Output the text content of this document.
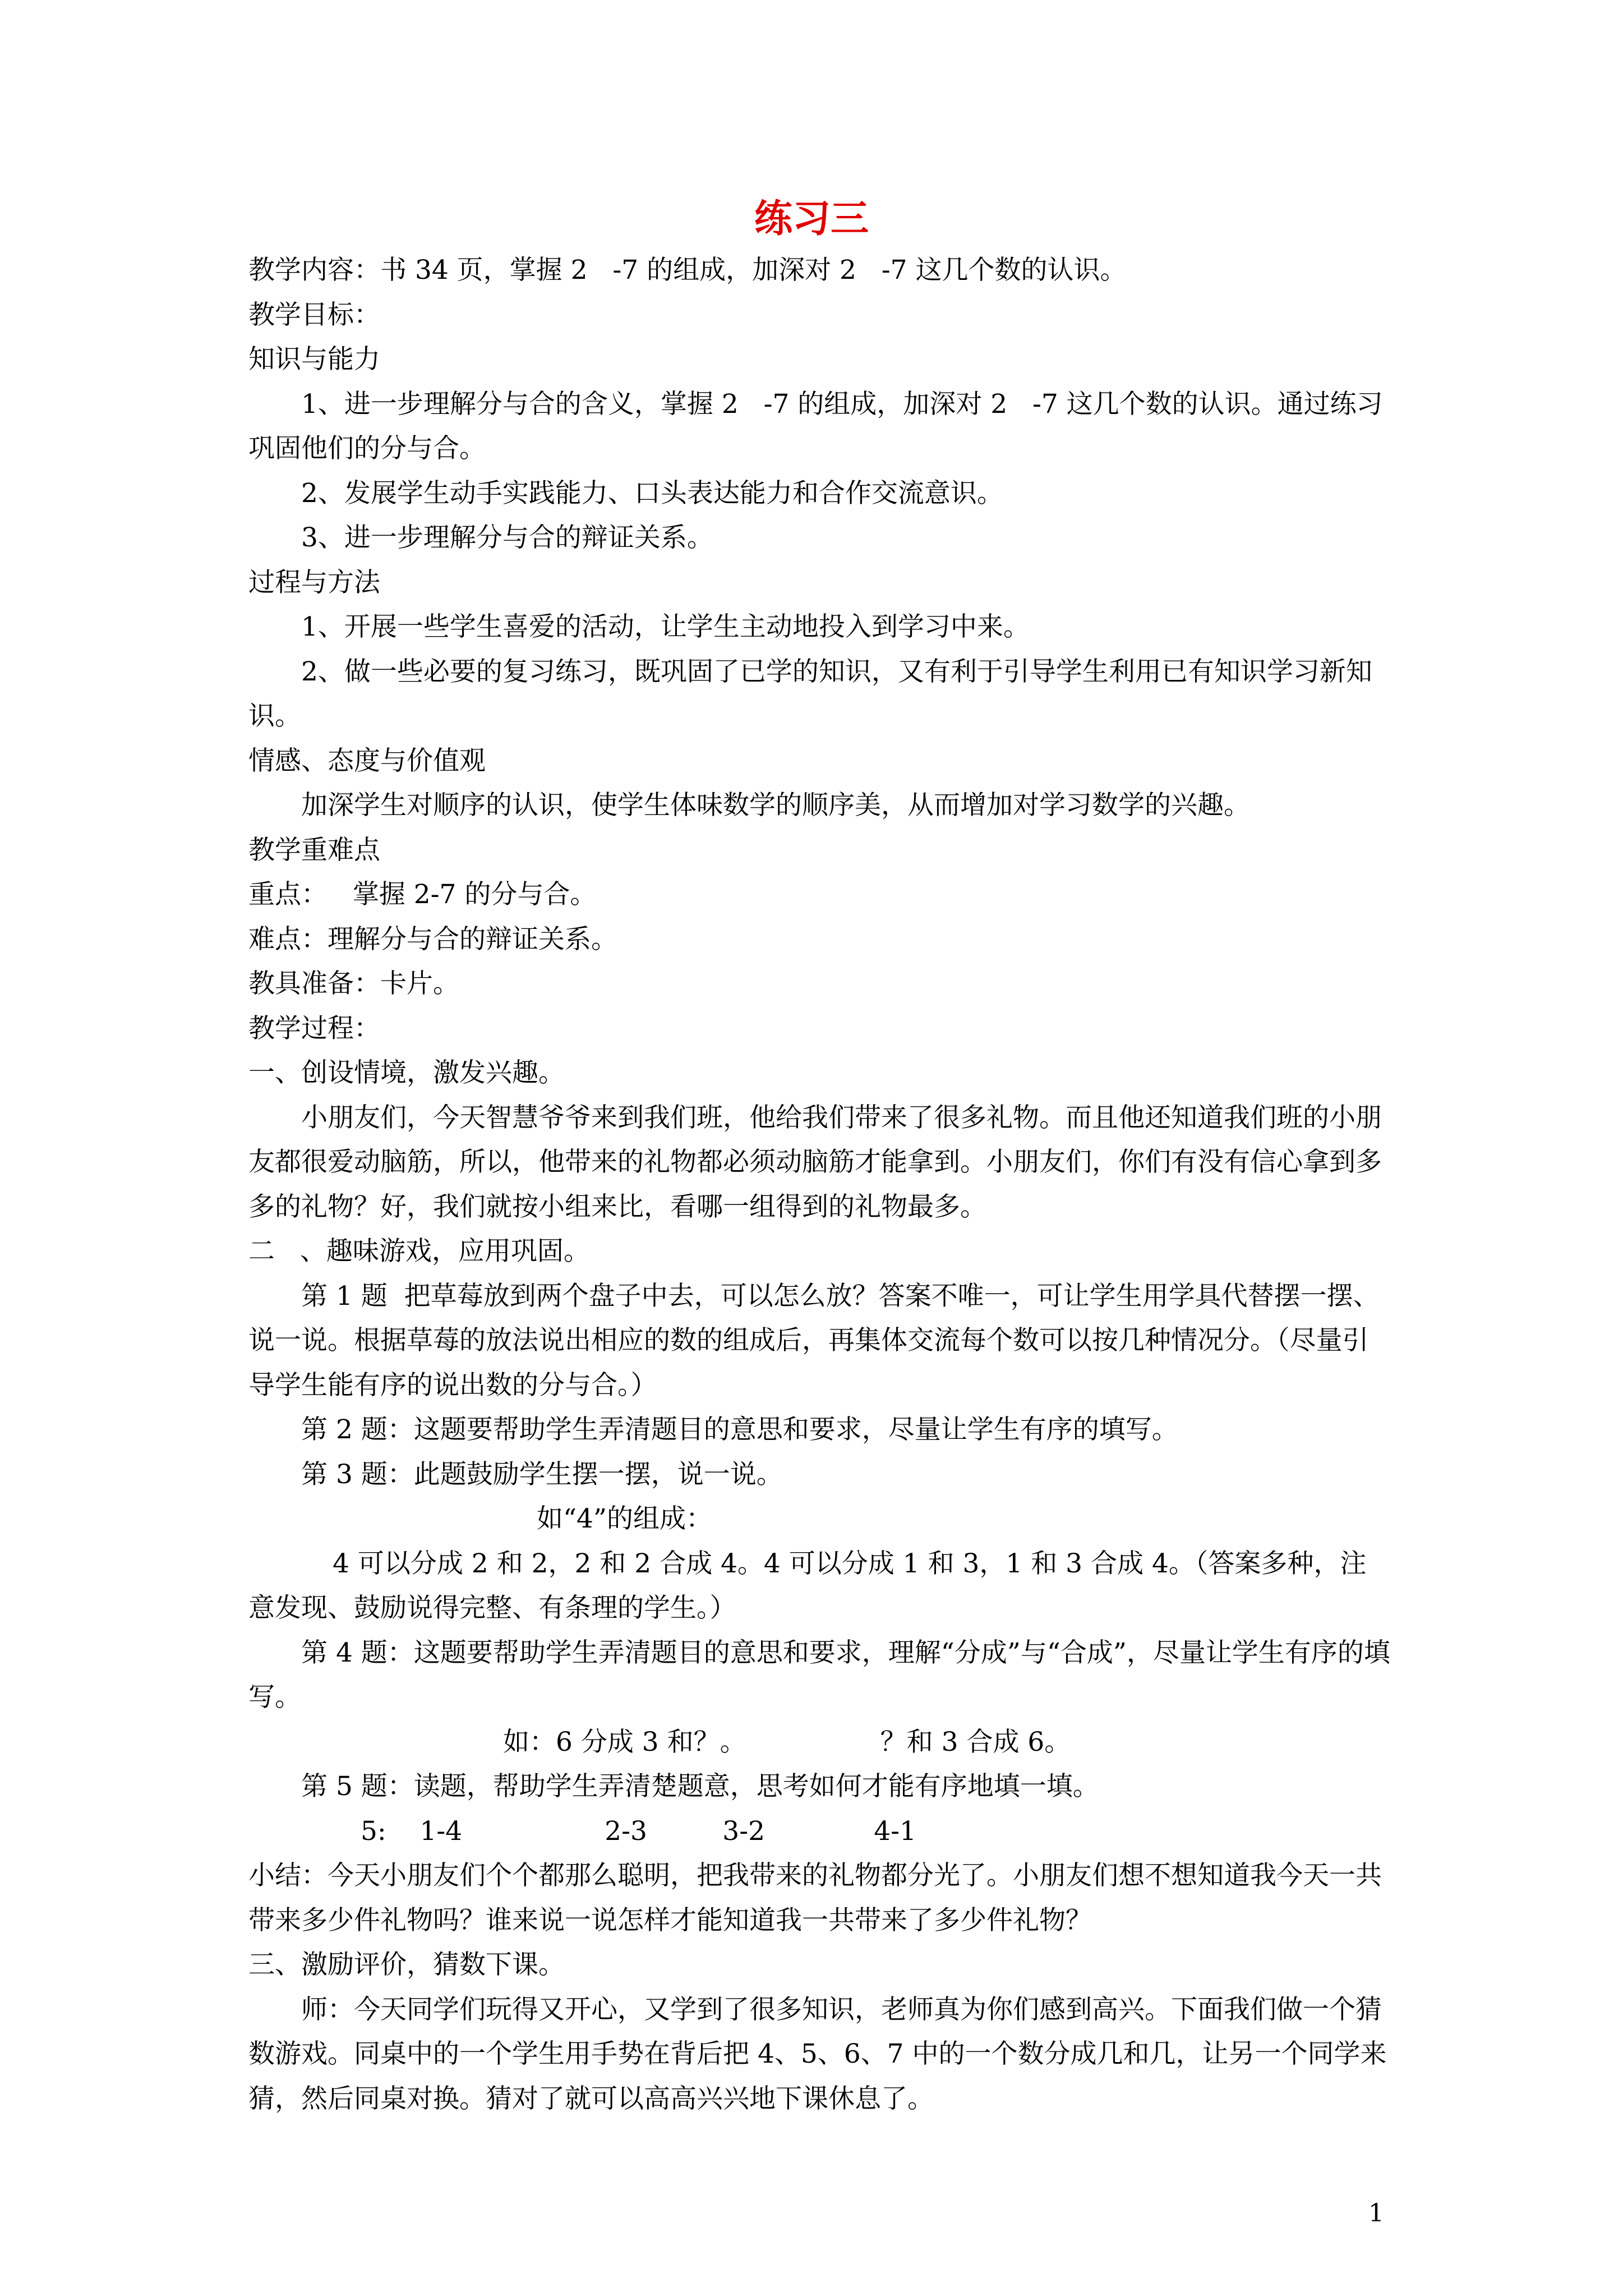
练习三

教学内容：书 34 页，掌握 2   -7 的组成，加深对 2   -7 这几个数的认识。

教学目标：

知识与能力

1、进一步理解分与合的含义，掌握 2   -7 的组成，加深对 2   -7 这几个数的认识。通过练习巩固他们的分与合。

2、发展学生动手实践能力、口头表达能力和合作交流意识。

3、进一步理解分与合的辩证关系。

过程与方法

1、开展一些学生喜爱的活动，让学生主动地投入到学习中来。

2、做一些必要的复习练习，既巩固了已学的知识，又有利于引导学生利用已有知识学习新知识。

情感、态度与价值观

加深学生对顺序的认识，使学生体味数学的顺序美，从而增加对学习数学的兴趣。

教学重难点

重点：   掌握 2-7 的分与合。

难点：理解分与合的辩证关系。

教具准备：卡片。

教学过程：

一、创设情境，激发兴趣。

小朋友们，今天智慧爷爷来到我们班，他给我们带来了很多礼物。而且他还知道我们班的小朋友都很爱动脑筋，所以，他带来的礼物都必须动脑筋才能拿到。小朋友们，你们有没有信心拿到多多的礼物？好，我们就按小组来比，看哪一组得到的礼物最多。

二   、趣味游戏，应用巩固。

第 1 题  把草莓放到两个盘子中去，可以怎么放？答案不唯一，可让学生用学具代替摆一摆、说一说。根据草莓的放法说出相应的数的组成后，再集体交流每个数可以按几种情况分。（尽量引导学生能有序的说出数的分与合。）

第 2 题：这题要帮助学生弄清题目的意思和要求，尽量让学生有序的填写。

第 3 题：此题鼓励学生摆一摆，说一说。

如“4”的组成：

4 可以分成 2 和 2，2 和 2 合成 4。4 可以分成 1 和 3，1 和 3 合成 4。（答案多种，注意发现、鼓励说得完整、有条理的学生。）

第 4 题：这题要帮助学生弄清题目的意思和要求，理解“分成”与“合成”，尽量让学生有序的填写。

如：6 分成 3 和？。                ？和 3 合成 6。

第 5 题：读题，帮助学生弄清楚题意，思考如何才能有序地填一填。

5:    1-4                 2-3         3-2             4-1

小结：今天小朋友们个个都那么聪明，把我带来的礼物都分光了。小朋友们想不想知道我今天一共带来多少件礼物吗？谁来说一说怎样才能知道我一共带来了多少件礼物？

三、激励评价，猜数下课。

师：今天同学们玩得又开心，又学到了很多知识，老师真为你们感到高兴。下面我们做一个猜数游戏。同桌中的一个学生用手势在背后把 4、5、6、7 中的一个数分成几和几，让另一个同学来猜，然后同桌对换。猜对了就可以高高兴兴地下课休息了。

1
